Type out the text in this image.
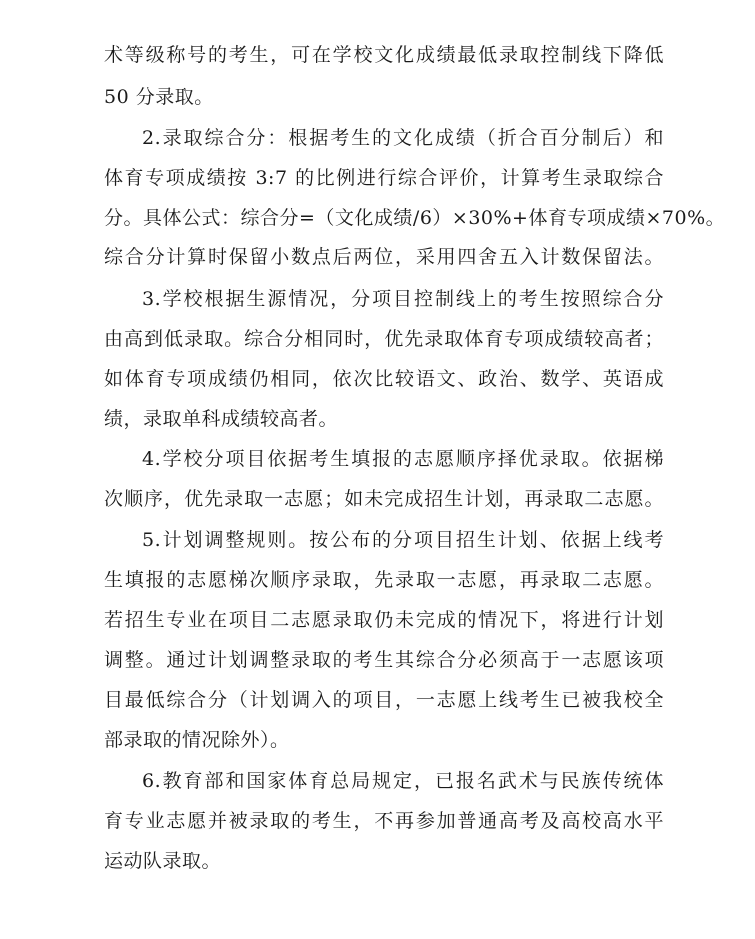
术等级称号的考生，可在学校文化成绩最低录取控制线下降低
50 分录取。
2.录取综合分：根据考生的文化成绩（折合百分制后）和
体育专项成绩按 3:7 的比例进行综合评价，计算考生录取综合
分。具体公式：综合分=（文化成绩/6）×30%+体育专项成绩×70%。
综合分计算时保留小数点后两位，采用四舍五入计数保留法。
3.学校根据生源情况，分项目控制线上的考生按照综合分
由高到低录取。综合分相同时，优先录取体育专项成绩较高者；
如体育专项成绩仍相同，依次比较语文、政治、数学、英语成
绩，录取单科成绩较高者。
4.学校分项目依据考生填报的志愿顺序择优录取。依据梯
次顺序，优先录取一志愿；如未完成招生计划，再录取二志愿。
5.计划调整规则。按公布的分项目招生计划、依据上线考
生填报的志愿梯次顺序录取，先录取一志愿，再录取二志愿。
若招生专业在项目二志愿录取仍未完成的情况下，将进行计划
调整。通过计划调整录取的考生其综合分必须高于一志愿该项
目最低综合分（计划调入的项目，一志愿上线考生已被我校全
部录取的情况除外）。
6.教育部和国家体育总局规定，已报名武术与民族传统体
育专业志愿并被录取的考生，不再参加普通高考及高校高水平
运动队录取。
